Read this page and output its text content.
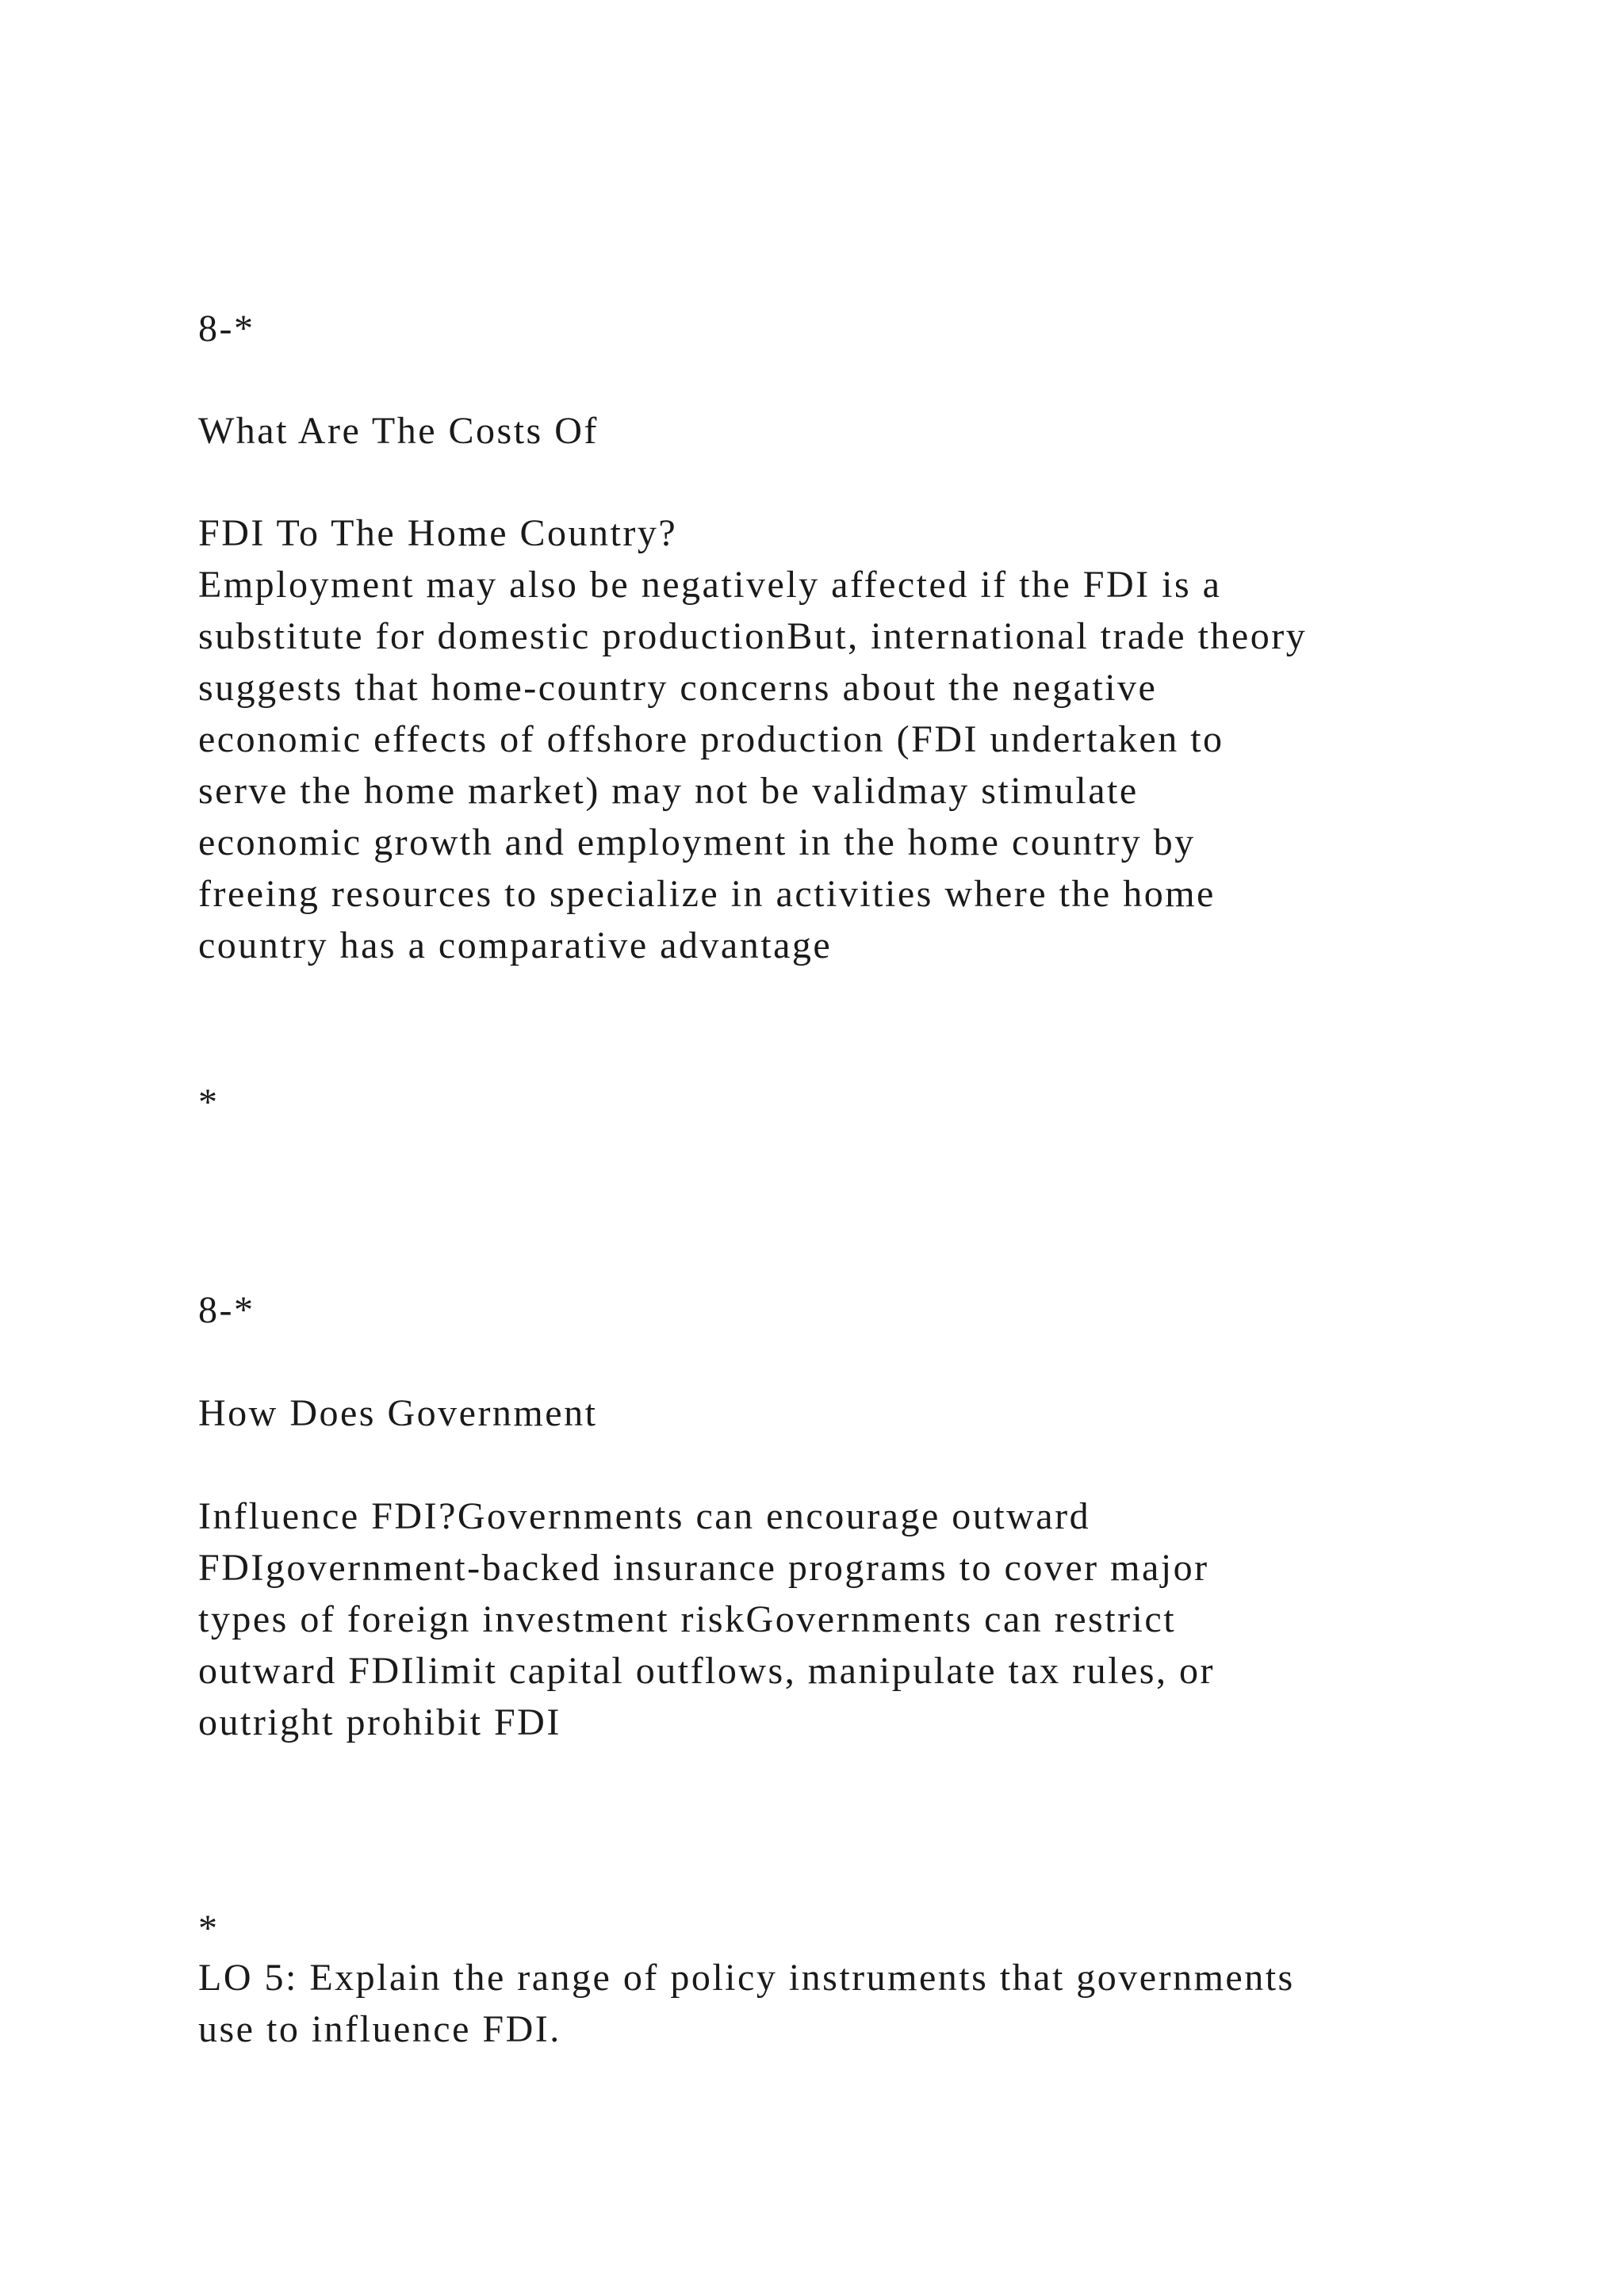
8-*
What Are The Costs Of
FDI To The Home Country?
Employment may also be negatively affected if the FDI is a
substitute for domestic productionBut, international trade theory
suggests that home-country concerns about the negative
economic effects of offshore production (FDI undertaken to
serve the home market) may not be validmay stimulate
economic growth and employment in the home country by
freeing resources to specialize in activities where the home
country has a comparative advantage
*
8-*
How Does Government
Influence FDI?Governments can encourage outward
FDIgovernment-backed insurance programs to cover major
types of foreign investment riskGovernments can restrict
outward FDIlimit capital outflows, manipulate tax rules, or
outright prohibit FDI
*
LO 5: Explain the range of policy instruments that governments
use to influence FDI.
